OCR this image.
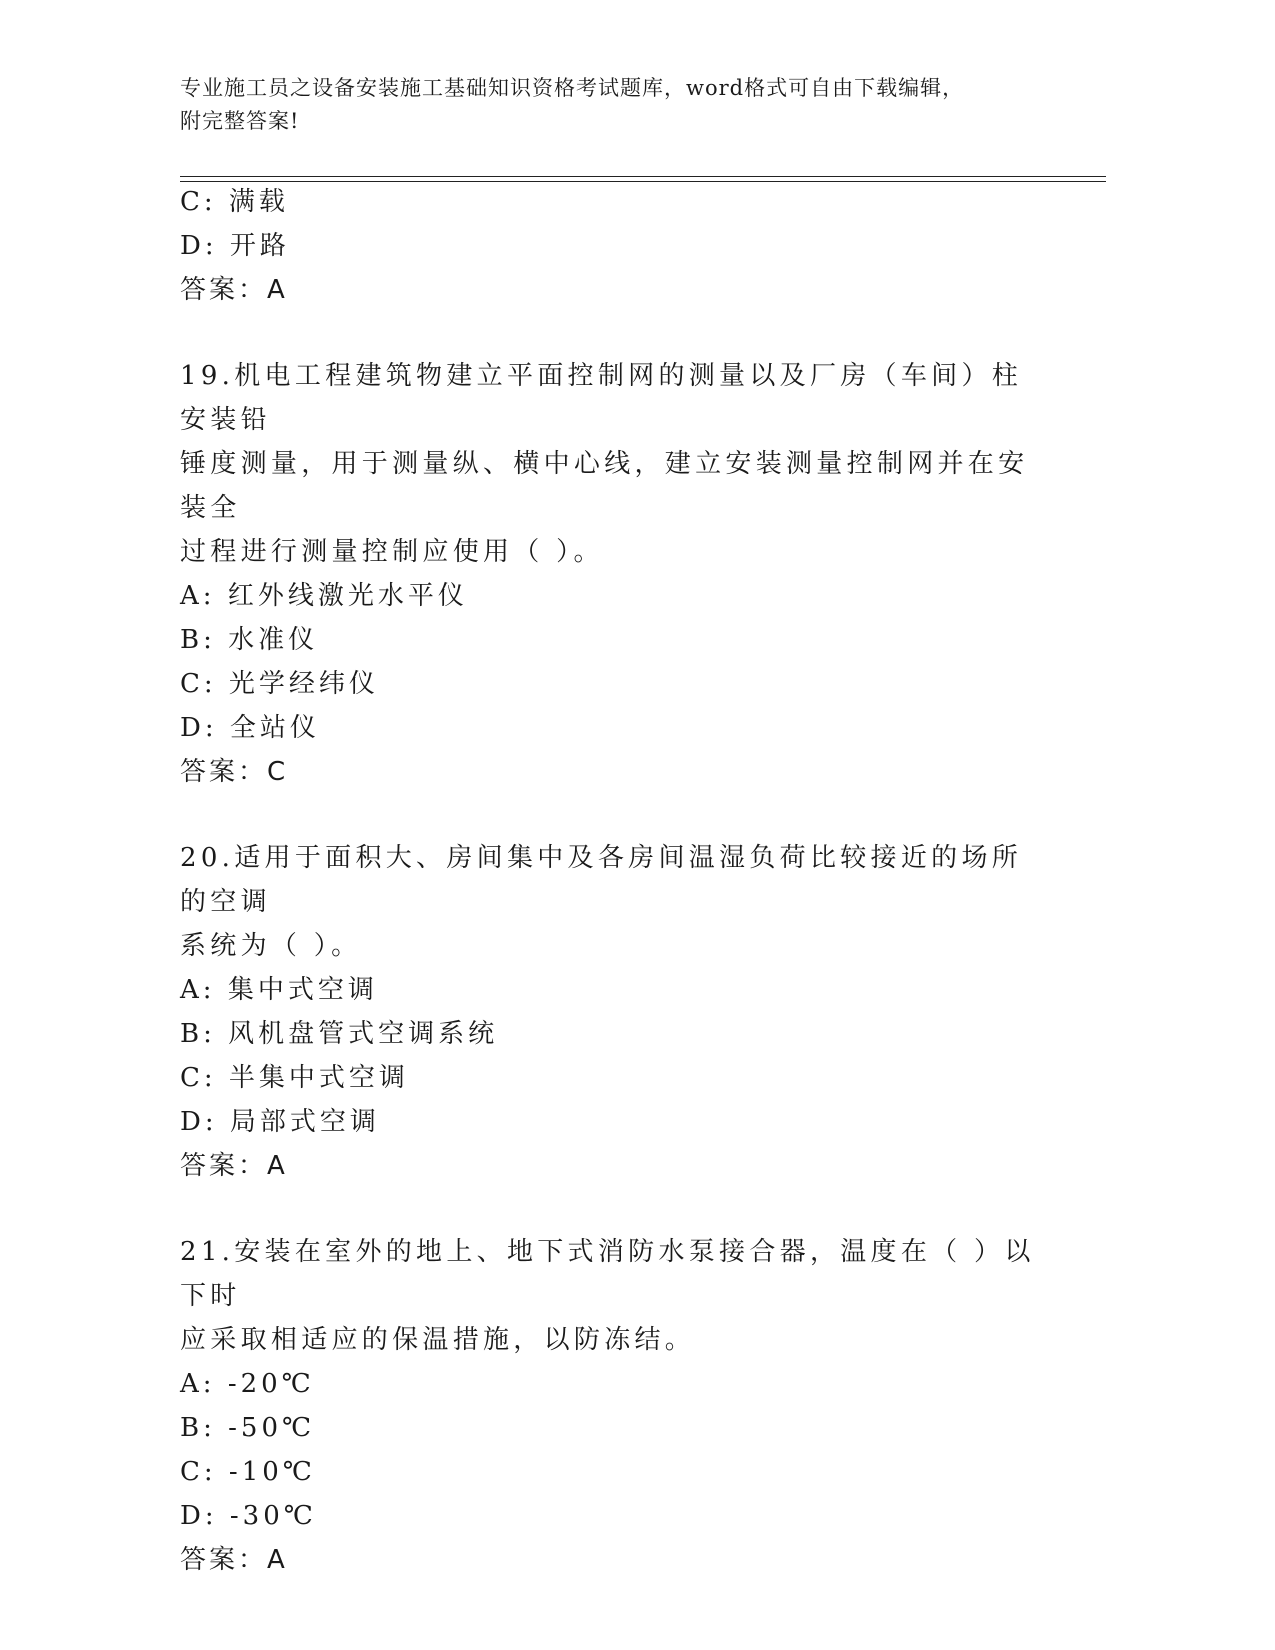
专业施工员之设备安装施工基础知识资格考试题库，word格式可自由下载编辑，
附完整答案!
C: 满载
D: 开路
答案：A
19.机电工程建筑物建立平面控制网的测量以及厂房（车间）柱安装铅
锤度测量，用于测量纵、横中心线，建立安装测量控制网并在安装全
过程进行测量控制应使用（ ）。
A: 红外线激光水平仪
B: 水准仪
C: 光学经纬仪
D: 全站仪
答案：C
20.适用于面积大、房间集中及各房间温湿负荷比较接近的场所的空调
系统为（ ）。
A: 集中式空调
B: 风机盘管式空调系统
C: 半集中式空调
D: 局部式空调
答案：A
21.安装在室外的地上、地下式消防水泵接合器，温度在（ ）以下时
应采取相适应的保温措施，以防冻结。
A: -20℃
B: -50℃
C: -10℃
D: -30℃
答案：A
